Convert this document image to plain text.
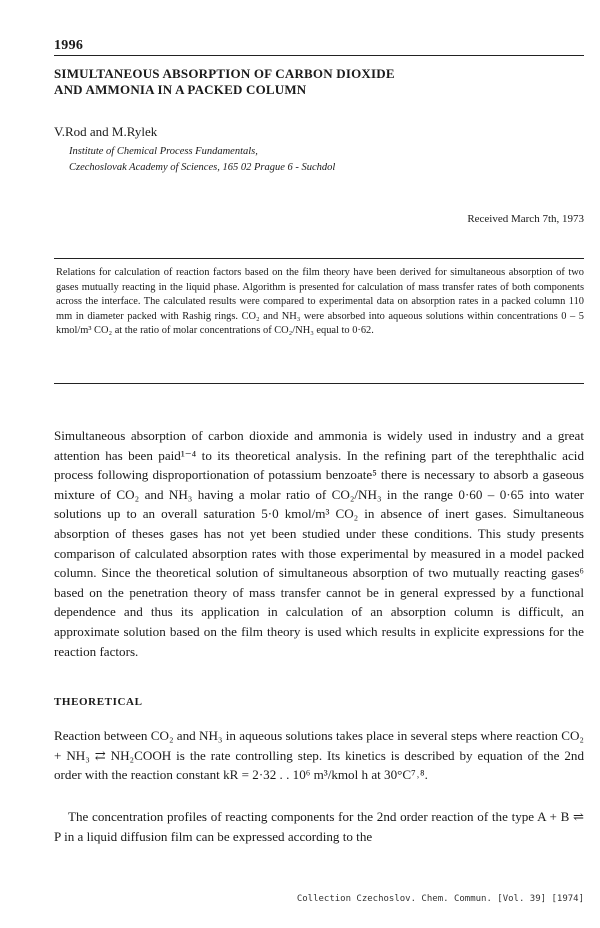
1996
SIMULTANEOUS ABSORPTION OF CARBON DIOXIDE
AND AMMONIA IN A PACKED COLUMN
V.Rod and M.Rylek
Institute of Chemical Process Fundamentals,
Czechoslovak Academy of Sciences, 165 02 Prague 6 - Suchdol
Received March 7th, 1973

Relations for calculation of reaction factors based on the film theory have been derived for simultaneous absorption of two gases mutually reacting in the liquid phase. Algorithm is presented for calculation of mass transfer rates of both components across the interface. The calculated results were compared to experimental data on absorption rates in a packed column 110 mm in diameter packed with Rashig rings. CO₂ and NH₃ were absorbed into aqueous solutions within concentrations 0 – 5 kmol/m³ CO₂ at the ratio of molar concentrations of CO₂/NH₃ equal to 0·62.

Simultaneous absorption of carbon dioxide and ammonia is widely used in industry and a great attention has been paid¹⁻⁴ to its theoretical analysis. In the refining part of the terephthalic acid process following disproportionation of potassium benzoate⁵ there is necessary to absorb a gaseous mixture of CO₂ and NH₃ having a molar ratio of CO₂/NH₃ in the range 0·60 – 0·65 into water solutions up to an overall saturation 5·0 kmol/m³ CO₂ in absence of inert gases. Simultaneous absorption of theses gases has not yet been studied under these conditions. This study presents comparison of calculated absorption rates with those experimental by measured in a model packed column. Since the theoretical solution of simultaneous absorption of two mutually reacting gases⁶ based on the penetration theory of mass transfer cannot be in general expressed by a functional dependence and thus its application in calculation of an absorption column is difficult, an approximate solution based on the film theory is used which results in explicite expressions for the reaction factors.

THEORETICAL

Reaction between CO₂ and NH₃ in aqueous solutions takes place in several steps where reaction CO₂ + NH₃ ⇄ NH₂COOH is the rate controlling step. Its kinetics is described by equation of the 2nd order with the reaction constant kR = 2·32 . . 10⁶ m³/kmol h at 30°C⁷˒⁸.

The concentration profiles of reacting components for the 2nd order reaction of the type A + B ⇌ P in a liquid diffusion film can be expressed according to the

Collection Czechoslov. Chem. Commun. [Vol. 39] [1974]
